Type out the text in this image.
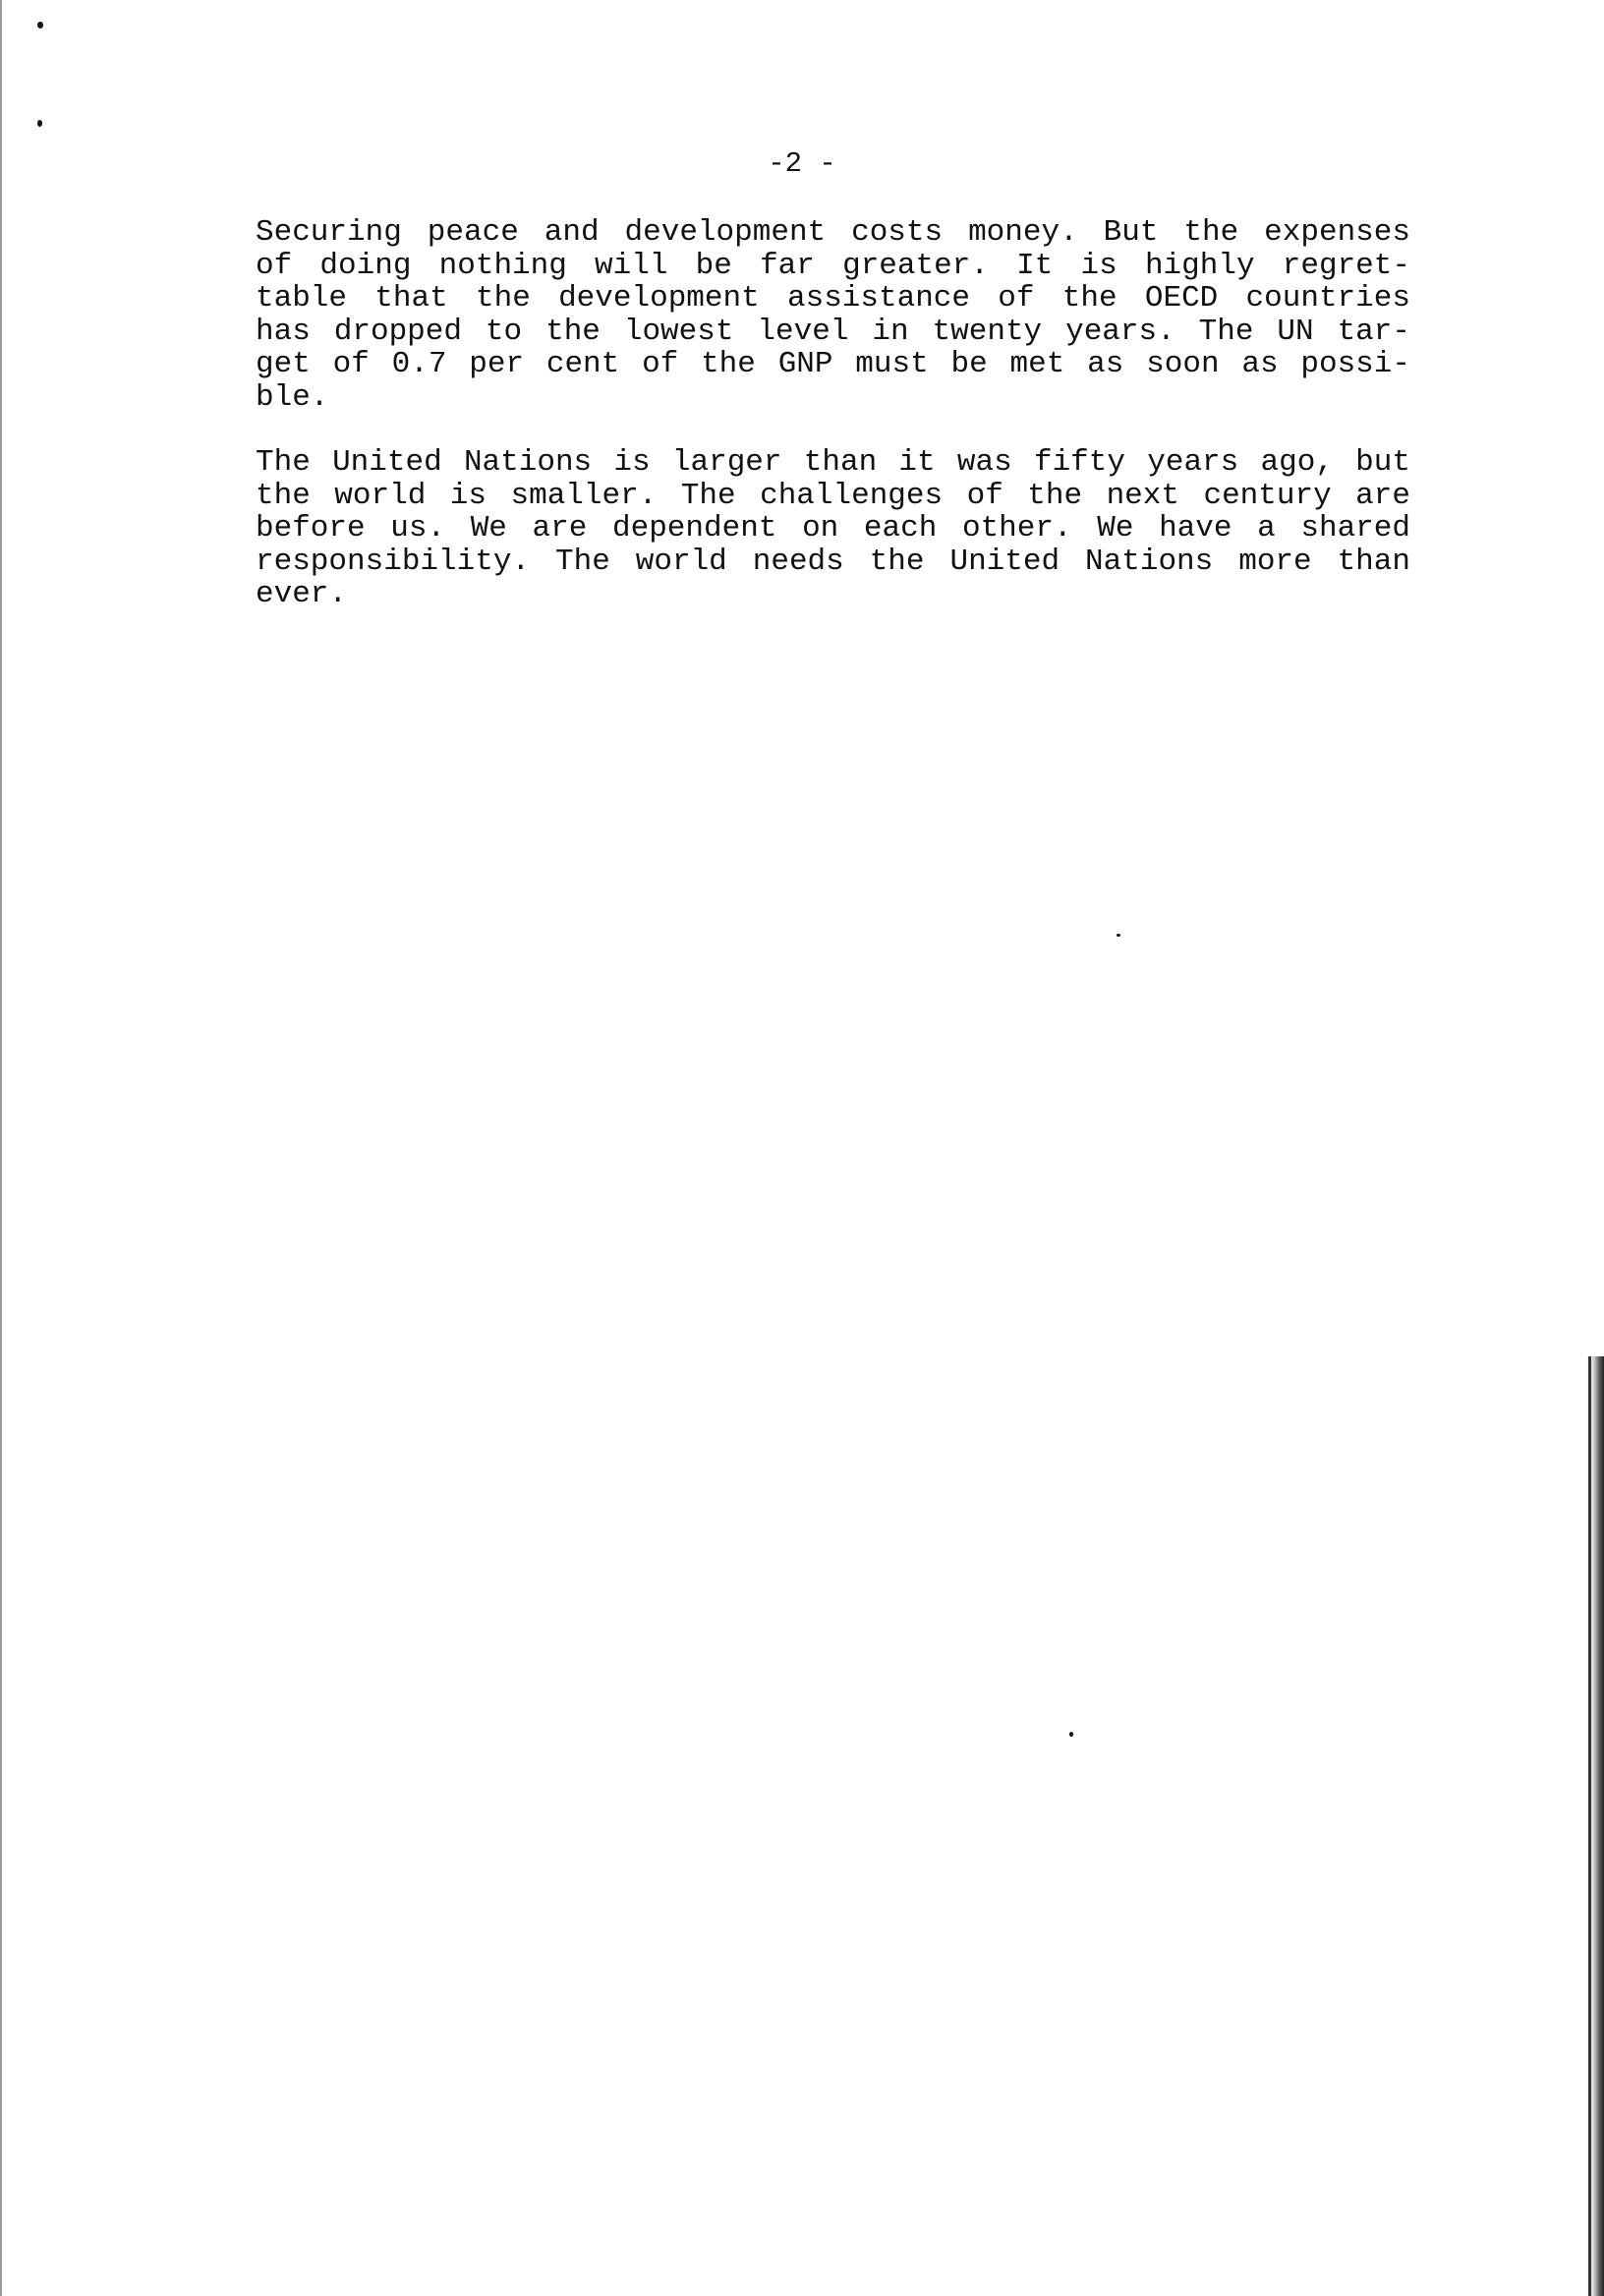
-2 -
Securing peace and development costs money. But the expenses
of doing nothing will be far greater. It is highly regret-
table that the development assistance of the OECD countries
has dropped to the lowest level in twenty years. The UN tar-
get of 0.7 per cent of the GNP must be met as soon as possi-
ble.
The United Nations is larger than it was fifty years ago, but
the world is smaller. The challenges of the next century are
before us. We are dependent on each other. We have a shared
responsibility. The world needs the United Nations more than
ever.
